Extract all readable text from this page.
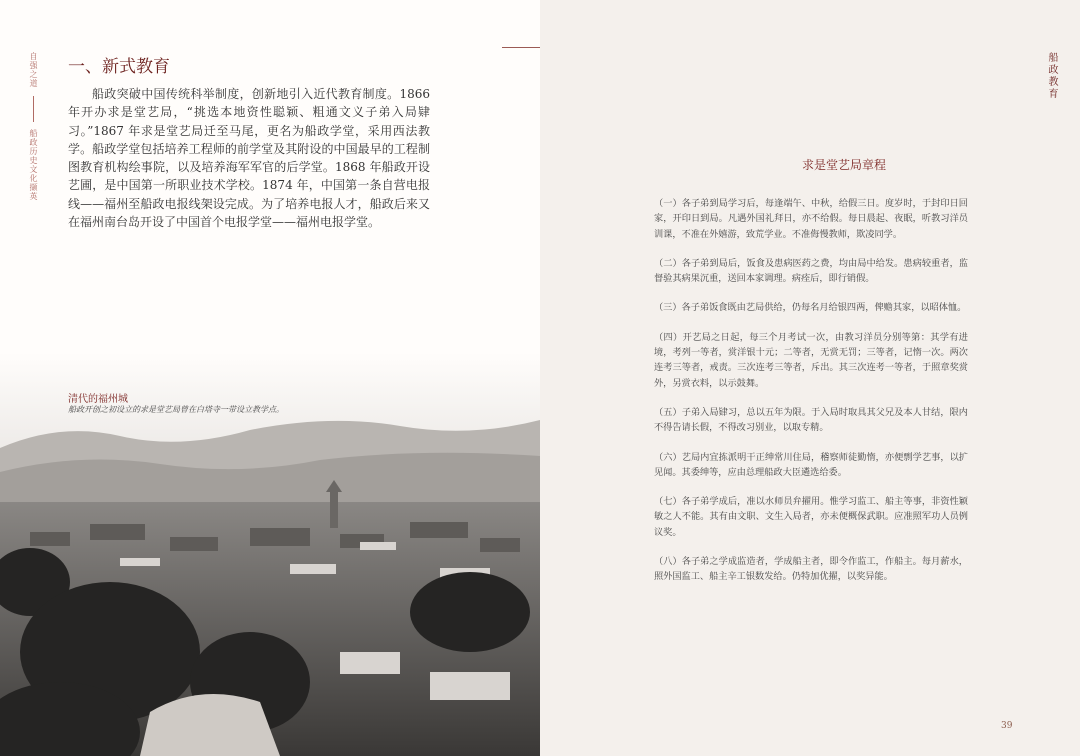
自强之道  船政历史文化撷英
一、新式教育

船政突破中国传统科举制度，创新地引入近代教育制度。1866 年开办求是堂艺局，“挑选本地资性聪颖、粗通文义子弟入局肄习。”1867 年求是堂艺局迁至马尾，更名为船政学堂，采用西法教学。船政学堂包括培养工程师的前学堂及其附设的中国最早的工程制图教育机构绘事院，以及培养海军军官的后学堂。1868 年船政开设艺圃，是中国第一所职业技术学校。1874 年，中国第一条自营电报线——福州至船政电报线架设完成。为了培养电报人才，船政后来又在福州南台岛开设了中国首个电报学堂——福州电报学堂。

清代的福州城
船政开创之初设立的求是堂艺局曾在白塔寺一带设立教学点。
船政教育
求是堂艺局章程
（一）各子弟到局学习后，每逢端午、中秋，给假三日。度岁时，于封印日回家，开印日到局。凡遇外国礼拜日，亦不给假。每日晨起、夜眠，听教习洋员训课，不准在外嬉游，致荒学业。不准侮慢教师，欺凌同学。
（二）各子弟到局后，饭食及患病医药之费，均由局中给发。患病较重者，监督验其病果沉重，送回本家调理。病痊后，即行销假。
（三）各子弟饭食既由艺局供给，仍每名月给银四两，俾赡其家，以昭体恤。
（四）开艺局之日起，每三个月考试一次，由教习洋员分别等第：其学有进境，考列一等者，赏洋银十元；二等者，无赏无罚；三等者，记惰一次。两次连考三等者，戒责。三次连考三等者，斥出。其三次连考一等者，于照章奖赏外，另赏衣料，以示鼓舞。
（五）子弟入局肄习，总以五年为限。于入局时取具其父兄及本人甘结，限内不得告请长假，不得改习别业，以取专精。
（六）艺局内宜拣派明干正绅常川住局，稽察师徒勤惰，亦便剽学艺事，以扩见闻。其委绅等，应由总理船政大臣遴选给委。
（七）各子弟学成后，准以水师员弁擢用。惟学习监工、船主等事，非资性颖敏之人不能。其有由文职、文生入局者，亦未便概保武职。应准照军功人员例议奖。
（八）各子弟之学成监造者，学成船主者，即令作监工，作船主。每月薪水，照外国监工、船主辛工银数发给。仍特加优擢，以奖异能。
39
